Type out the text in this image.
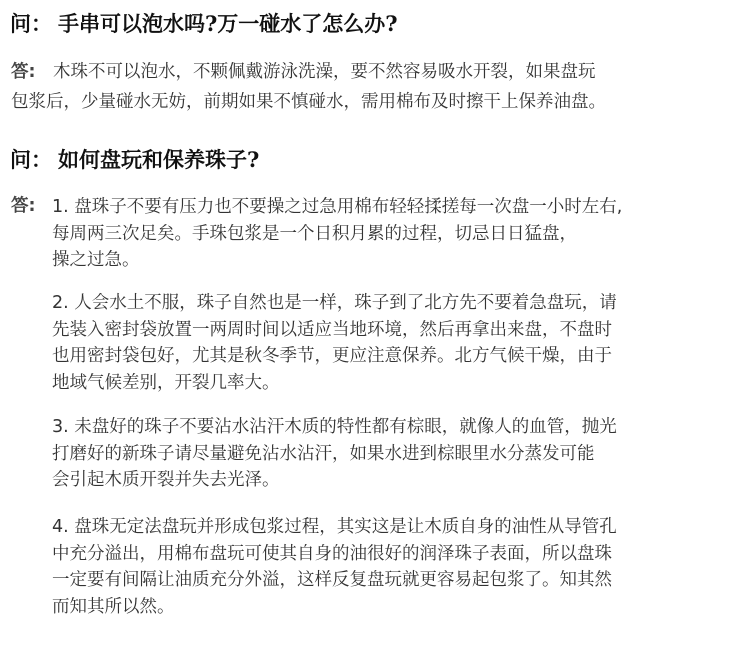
问： 手串可以泡水吗?万一碰水了怎么办?
答: 木珠不可以泡水，不颗佩戴游泳洗澡，要不然容易吸水开裂，如果盘玩
包浆后，少量碰水无妨，前期如果不慎碰水，需用棉布及时擦干上保养油盘。
问： 如何盘玩和保养珠子?
答: 1. 盘珠子不要有压力也不要操之过急用棉布轻轻揉搓每一次盘一小时左右,
每周两三次足矣。手珠包浆是一个日积月累的过程，切忌日日猛盘，
操之过急。
2. 人会水土不服，珠子自然也是一样，珠子到了北方先不要着急盘玩，请
先装入密封袋放置一两周时间以适应当地环境，然后再拿出来盘，不盘时
也用密封袋包好，尤其是秋冬季节，更应注意保养。北方气候干燥，由于
地域气候差别，开裂几率大。
3. 未盘好的珠子不要沾水沾汗木质的特性都有棕眼，就像人的血管，抛光
打磨好的新珠子请尽量避免沾水沾汗，如果水进到棕眼里水分蒸发可能
会引起木质开裂并失去光泽。
4. 盘珠无定法盘玩并形成包浆过程，其实这是让木质自身的油性从导管孔
中充分溢出，用棉布盘玩可使其自身的油很好的润泽珠子表面，所以盘珠
一定要有间隔让油质充分外溢，这样反复盘玩就更容易起包浆了。知其然
而知其所以然。
